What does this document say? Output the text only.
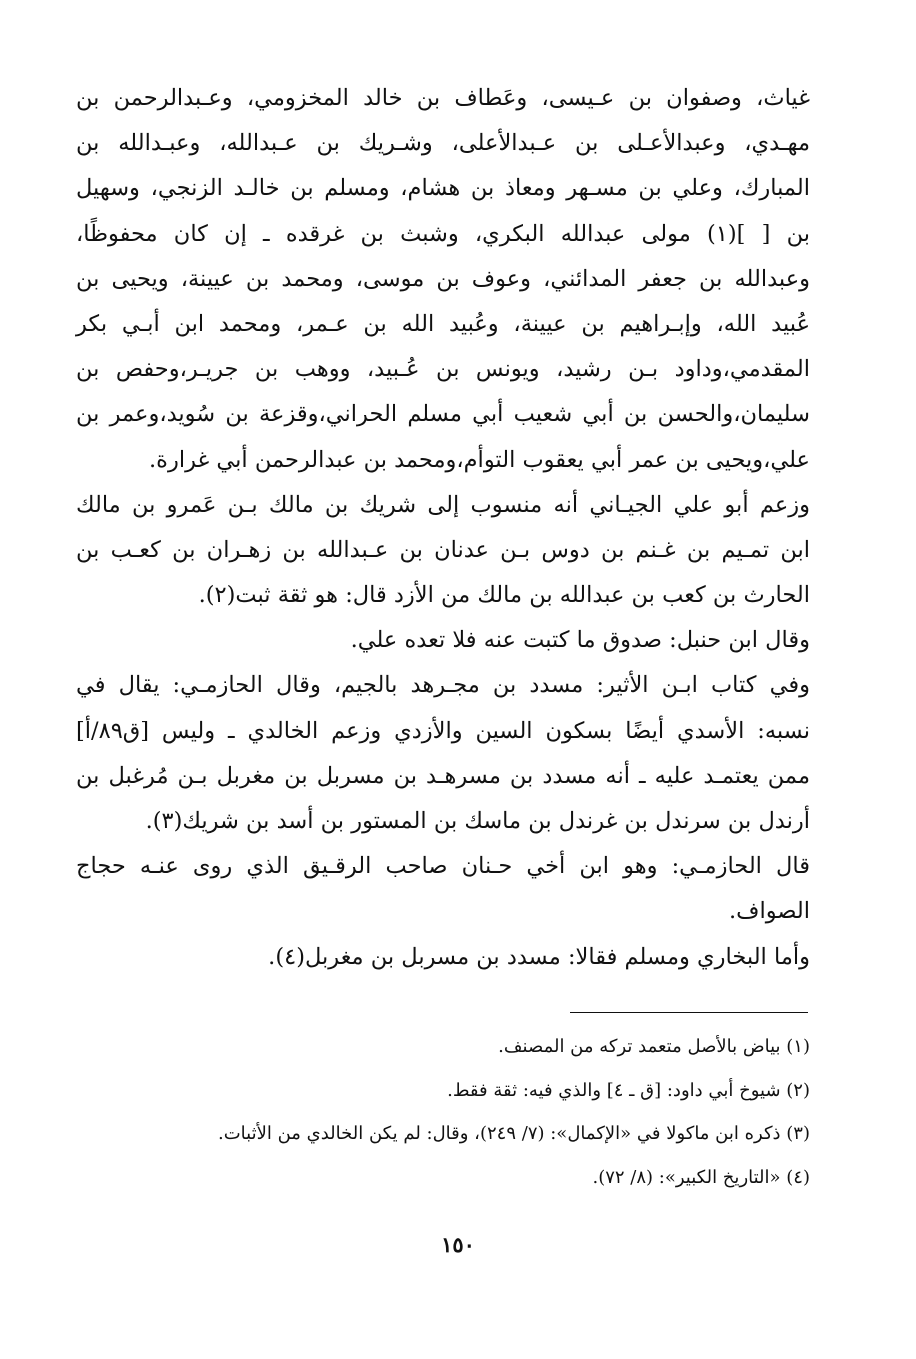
غياث، وصفوان بن عـيسى، وعَطاف بن خالد المخزومي، وعـبدالرحمن بن
مهـدي، وعبدالأعـلى بن عـبدالأعلى، وشـريك بن عـبدالله، وعبـدالله بن
المبارك، وعلي بن مسـهر ومعاذ بن هشام، ومسلم بن خالـد الزنجي، وسهيل
بن [ ](١) مولى عبدالله البكري، وشبث بن غرقده ـ إن كان محفوظًا،
وعبدالله بن جعفر المدائني، وعوف بن موسى، ومحمد بن عيينة، ويحيى بن
عُبيد الله، وإبـراهيم بن عيينة، وعُبيد الله بن عـمر، ومحمد ابن أبـي بكر
المقدمي،وداود بـن رشيد، ويونس بن عُـبيد، ووهب بن جريـر،وحفص بن
سليمان،والحسن بن أبي شعيب أبي مسلم الحراني،وقزعة بن سُويد،وعمر بن
علي،ويحيى بن عمر أبي يعقوب التوأم،ومحمد بن عبدالرحمن أبي غرارة.
وزعم أبو علي الجيـاني أنه منسوب إلى شريك بن مالك بـن عَمرو بن مالك
ابن تمـيم بن غـنم بن دوس بـن عدنان بن عـبدالله بن زهـران بن كعـب بن
الحارث بن كعب بن عبدالله بن مالك من الأزد قال: هو ثقة ثبت(٢).
وقال ابن حنبل: صدوق ما كتبت عنه فلا تعده علي.
وفي كتاب ابـن الأثير: مسدد بن مجـرهد بالجيم، وقال الحازمـي: يقال في
نسبه: الأسدي أيضًا بسكون السين والأزدي وزعم الخالدي ـ وليس [ق٨٩/أ]
ممن يعتمـد عليه ـ أنه مسدد بن مسرهـد بن مسربل بن مغربل بـن مُرغبل بن
أرندل بن سرندل بن غرندل بن ماسك بن المستور بن أسد بن شريك(٣).
قال الحازمـي: وهو ابن أخي حـنان صاحب الرقـيق الذي روى عنـه حجاج
الصواف.
وأما البخاري ومسلم فقالا: مسدد بن مسربل بن مغربل(٤).
(١) بياض بالأصل متعمد تركه من المصنف.
(٢) شيوخ أبي داود: [ق ـ ٤] والذي فيه: ثقة فقط.
(٣) ذكره ابن ماكولا في «الإكمال»: (٧/ ٢٤٩)، وقال: لم يكن الخالدي من الأثبات.
(٤) «التاريخ الكبير»: (٨/ ٧٢).
١٥٠
